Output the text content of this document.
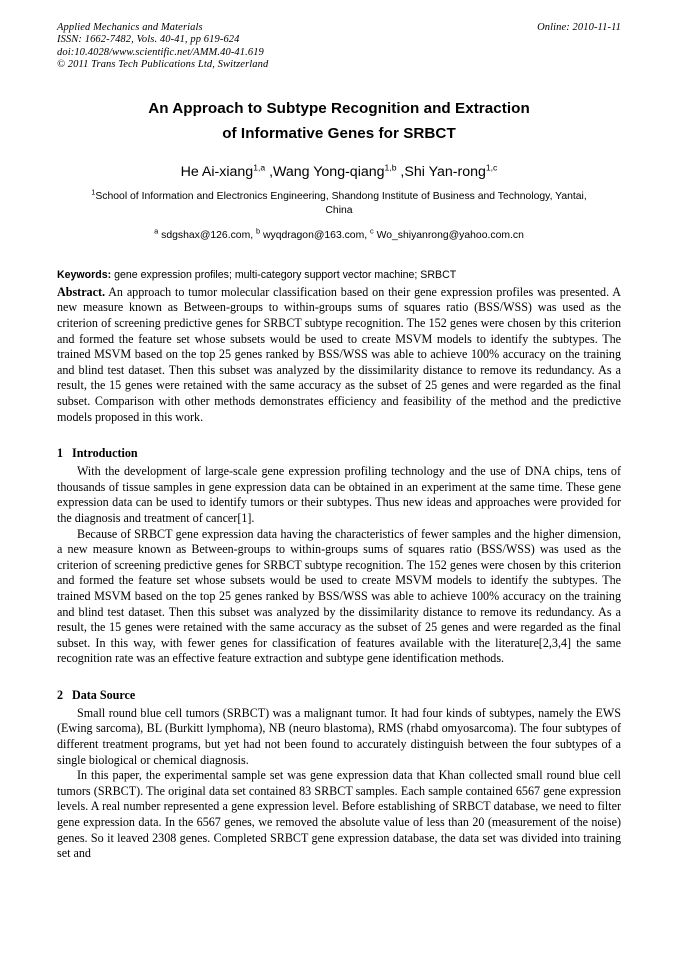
Applied Mechanics and Materials
ISSN: 1662-7482, Vols. 40-41, pp 619-624
doi:10.4028/www.scientific.net/AMM.40-41.619
© 2011 Trans Tech Publications Ltd, Switzerland
Online: 2010-11-11
An Approach to Subtype Recognition and Extraction
of Informative Genes for SRBCT
He Ai-xiang$^{1,a}$ ,Wang Yong-qiang$^{1,b}$ ,Shi Yan-rong$^{1,c}$
$^1$School of Information and Electronics Engineering, Shandong Institute of Business and Technology, Yantai, China
$^a$ sdgshax@126.com, $^b$ wyqdragon@163.com, $^c$ Wo_shiyanrong@yahoo.com.cn
Keywords: gene expression profiles; multi-category support vector machine; SRBCT
Abstract. An approach to tumor molecular classification based on their gene expression profiles was presented. A new measure known as Between-groups to within-groups sums of squares ratio (BSS/WSS) was used as the criterion of screening predictive genes for SRBCT subtype recognition. The 152 genes were chosen by this criterion and formed the feature set whose subsets would be used to create MSVM models to identify the subtypes. The trained MSVM based on the top 25 genes ranked by BSS/WSS was able to achieve 100% accuracy on the training and blind test dataset. Then this subset was analyzed by the dissimilarity distance to remove its redundancy. As a result, the 15 genes were retained with the same accuracy as the subset of 25 genes and were regarded as the final subset. Comparison with other methods demonstrates efficiency and feasibility of the method and the predictive models proposed in this work.
1 Introduction

With the development of large-scale gene expression profiling technology and the use of DNA chips, tens of thousands of tissue samples in gene expression data can be obtained in an experiment at the same time. These gene expression data can be used to identify tumors or their subtypes. Thus new ideas and approaches were provided for the diagnosis and treatment of cancer[1].

Because of SRBCT gene expression data having the characteristics of fewer samples and the higher dimension, a new measure known as Between-groups to within-groups sums of squares ratio (BSS/WSS) was used as the criterion of screening predictive genes for SRBCT subtype recognition. The 152 genes were chosen by this criterion and formed the feature set whose subsets would be used to create MSVM models to identify the subtypes. The trained MSVM based on the top 25 genes ranked by BSS/WSS was able to achieve 100% accuracy on the training and blind test dataset. Then this subset was analyzed by the dissimilarity distance to remove its redundancy. As a result, the 15 genes were retained with the same accuracy as the subset of 25 genes and were regarded as the final subset. In this way, with fewer genes for classification of features available with the literature[2,3,4] the same recognition rate was an effective feature extraction and subtype gene identification methods.

2 Data Source

Small round blue cell tumors (SRBCT) was a malignant tumor. It had four kinds of subtypes, namely the EWS (Ewing sarcoma), BL (Burkitt lymphoma), NB (neuro blastoma), RMS (rhabd omyosarcoma). The four subtypes of different treatment programs, but yet had not been found to accurately distinguish between the four subtypes of a single biological or chemical diagnosis.

In this paper, the experimental sample set was gene expression data that Khan collected small round blue cell tumors (SRBCT). The original data set contained 83 SRBCT samples. Each sample contained 6567 gene expression levels. A real number represented a gene expression level. Before establishing of SRBCT database, we need to filter gene expression data. In the 6567 genes, we removed the absolute value of less than 20 (measurement of the noise) genes. So it leaved 2308 genes. Completed SRBCT gene expression database, the data set was divided into training set and
